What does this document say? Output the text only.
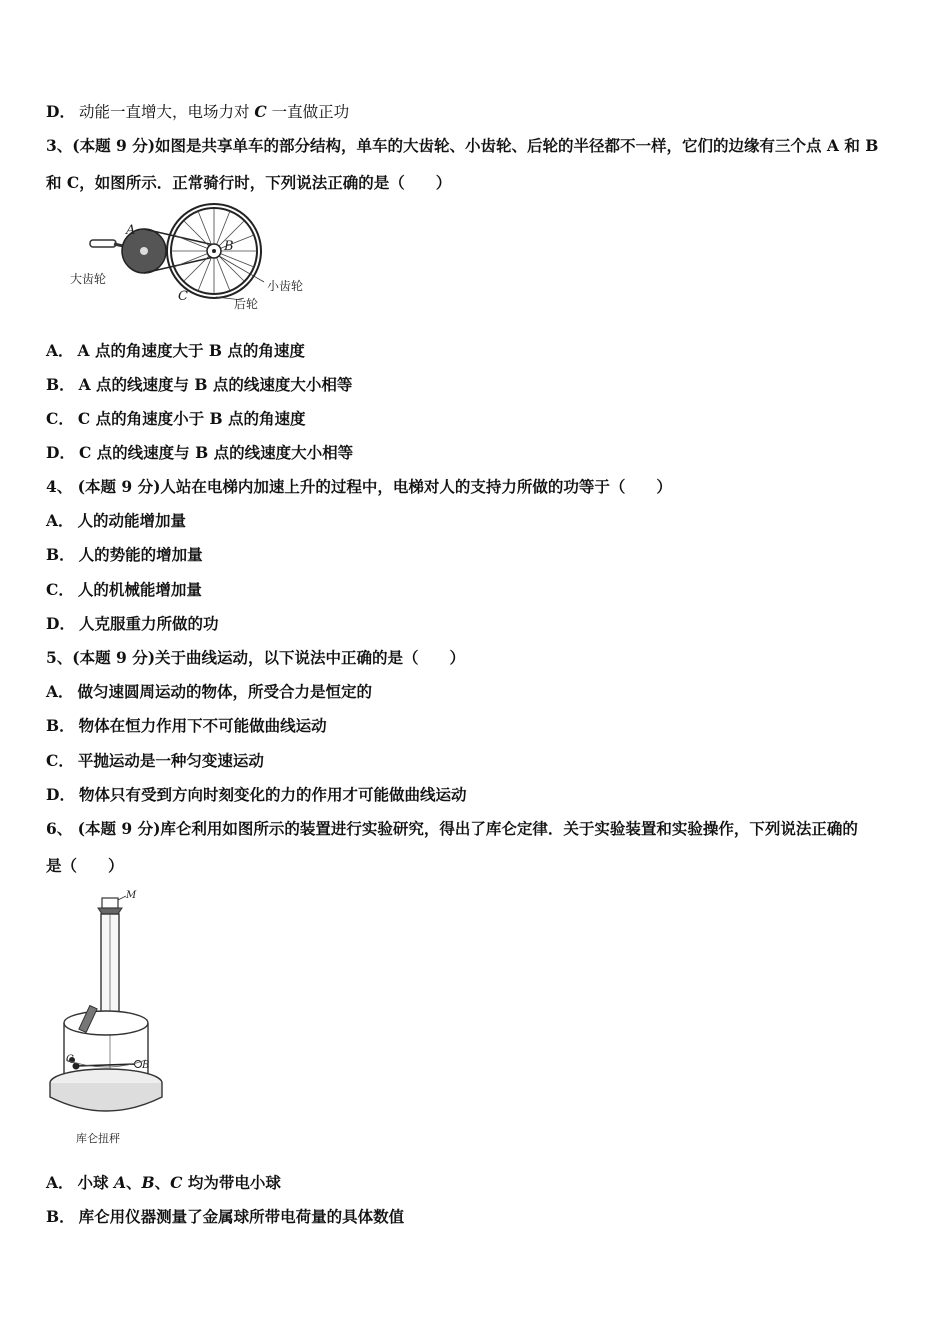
D． 动能一直增大，电场力对 C 一直做正功
3、(本题 9 分)如图是共享单车的部分结构，单车的大齿轮、小齿轮、后轮的半径都不一样，它们的边缘有三个点 A 和 B
和 C，如图所示．正常骑行时，下列说法正确的是（　　）
A
B
C
大齿轮	小齿轮
后轮
A． A 点的角速度大于 B 点的角速度
B． A 点的线速度与 B 点的线速度大小相等
C． C 点的角速度小于 B 点的角速度
D． C 点的线速度与 B 点的线速度大小相等
4、 (本题 9 分)人站在电梯内加速上升的过程中，电梯对人的支持力所做的功等于（　　）
A． 人的动能增加量
B． 人的势能的增加量
C． 人的机械能增加量
D． 人克服重力所做的功
5、(本题 9 分)关于曲线运动，以下说法中正确的是（　　）
A． 做匀速圆周运动的物体，所受合力是恒定的
B． 物体在恒力作用下不可能做曲线运动
C． 平抛运动是一种匀变速运动
D． 物体只有受到方向时刻变化的力的作用才可能做曲线运动
6、 (本题 9 分)库仑利用如图所示的装置进行实验研究，得出了库仑定律．关于实验装置和实验操作，下列说法正确的
是（　　）
M
C
B
库仑扭秤
A． 小球 A、B、C 均为带电小球
B． 库仑用仪器测量了金属球所带电荷量的具体数值
